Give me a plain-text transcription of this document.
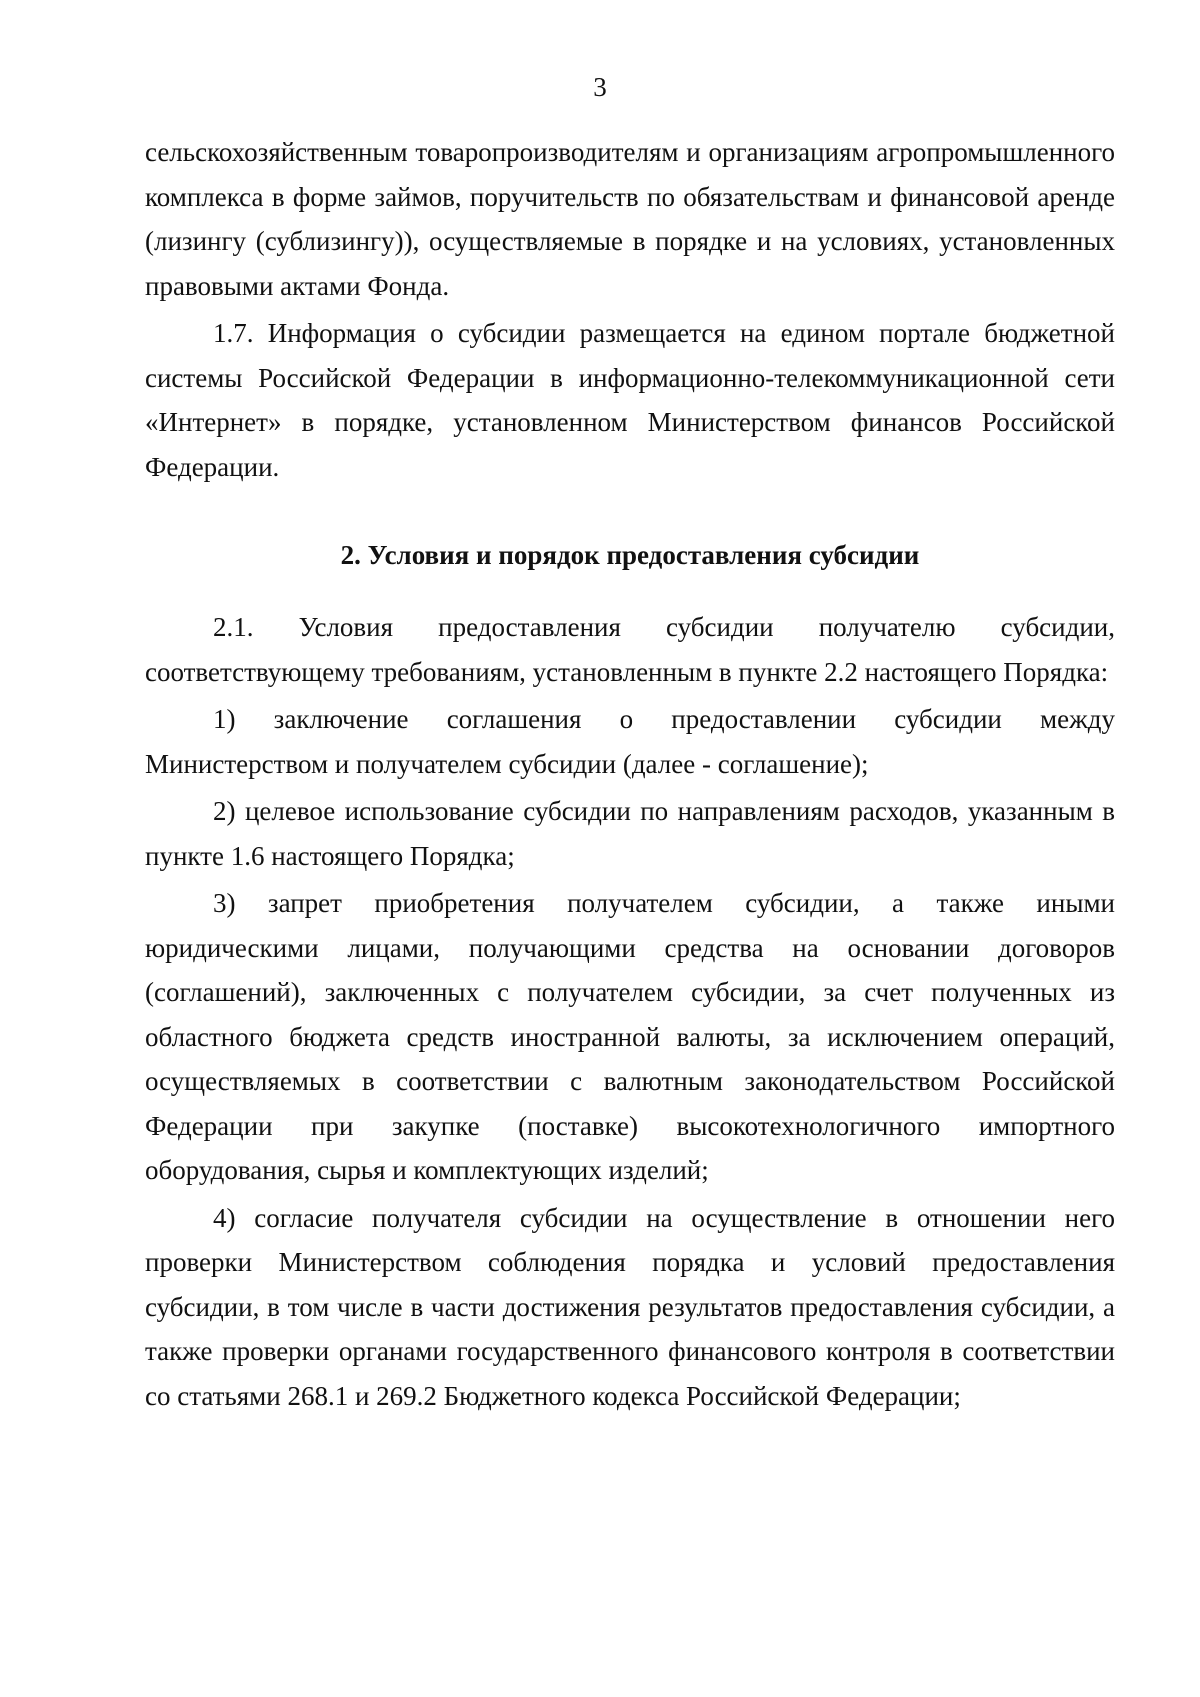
3

сельскохозяйственным товаропроизводителям и организациям агропромышленного комплекса в форме займов, поручительств по обязательствам и финансовой аренде (лизингу (сублизингу)), осуществляемые в порядке и на условиях, установленных правовыми актами Фонда.

1.7. Информация о субсидии размещается на едином портале бюджетной системы Российской Федерации в информационно-телекоммуникационной сети «Интернет» в порядке, установленном Министерством финансов Российской Федерации.

2. Условия и порядок предоставления субсидии

2.1. Условия предоставления субсидии получателю субсидии, соответствующему требованиям, установленным в пункте 2.2 настоящего Порядка:

1) заключение соглашения о предоставлении субсидии между Министерством и получателем субсидии (далее - соглашение);

2) целевое использование субсидии по направлениям расходов, указанным в пункте 1.6 настоящего Порядка;

3) запрет приобретения получателем субсидии, а также иными юридическими лицами, получающими средства на основании договоров (соглашений), заключенных с получателем субсидии, за счет полученных из областного бюджета средств иностранной валюты, за исключением операций, осуществляемых в соответствии с валютным законодательством Российской Федерации при закупке (поставке) высокотехнологичного импортного оборудования, сырья и комплектующих изделий;

4) согласие получателя субсидии на осуществление в отношении него проверки Министерством соблюдения порядка и условий предоставления субсидии, в том числе в части достижения результатов предоставления субсидии, а также проверки органами государственного финансового контроля в соответствии со статьями 268.1 и 269.2 Бюджетного кодекса Российской Федерации;
